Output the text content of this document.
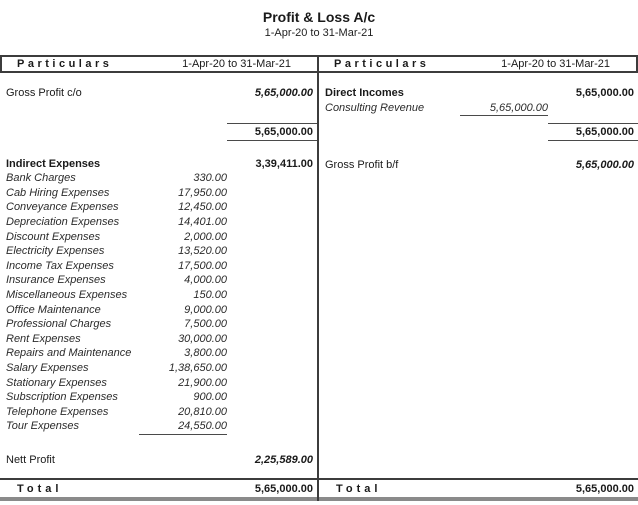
Profit & Loss A/c
1-Apr-20 to 31-Mar-21
Particulars	1-Apr-20 to 31-Mar-21
Gross Profit c/o	5,65,000.00
5,65,000.00
Indirect Expenses	3,39,411.00
Bank Charges	330.00
Cab Hiring Expenses	17,950.00
Conveyance Expenses	12,450.00
Depreciation Expenses	14,401.00
Discount Expenses	2,000.00
Electricity Expenses	13,520.00
Income Tax Expenses	17,500.00
Insurance Expenses	4,000.00
Miscellaneous Expenses	150.00
Office Maintenance	9,000.00
Professional Charges	7,500.00
Rent Expenses	30,000.00
Repairs and Maintenance	3,800.00
Salary Expenses	1,38,650.00
Stationary Expenses	21,900.00
Subscription Expenses	900.00
Telephone Expenses	20,810.00
Tour Expenses	24,550.00
Nett Profit	2,25,589.00
Total	5,65,000.00
Particulars	1-Apr-20 to 31-Mar-21
Direct Incomes	5,65,000.00
Consulting Revenue	5,65,000.00
5,65,000.00
Gross Profit b/f	5,65,000.00
Total	5,65,000.00
